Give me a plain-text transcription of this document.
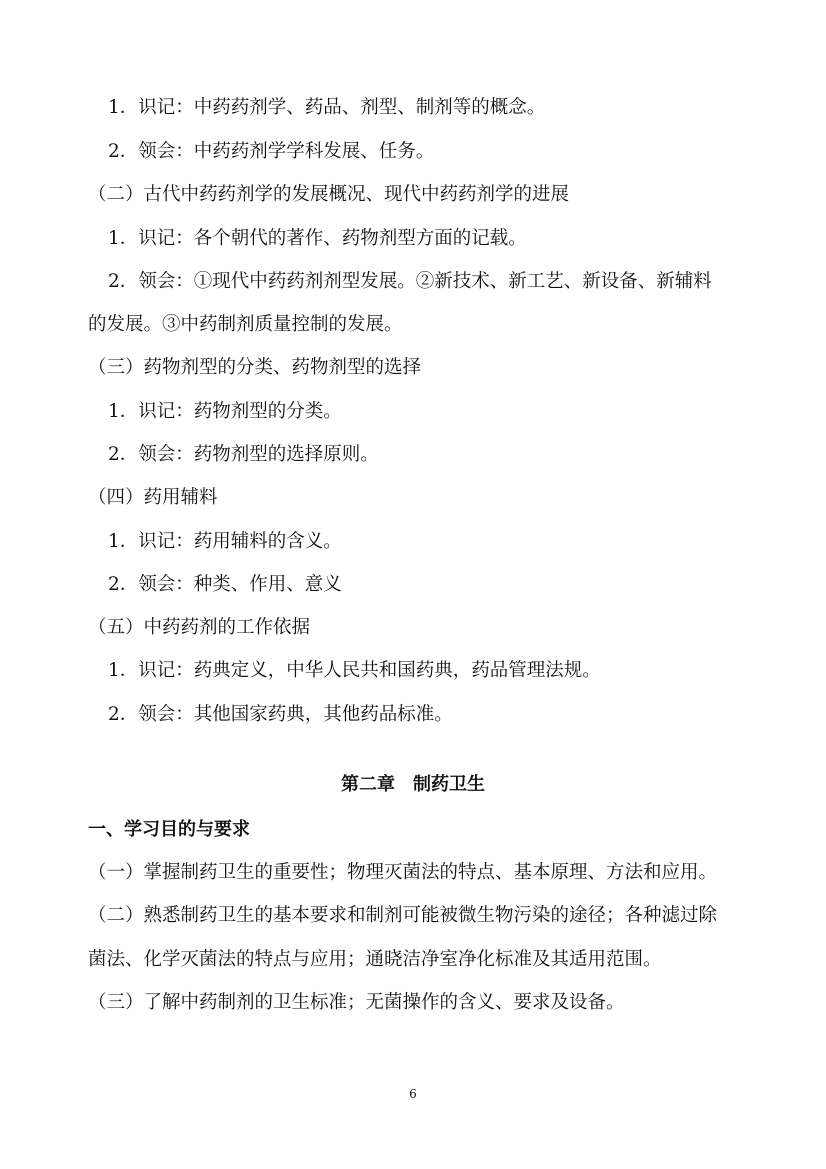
1．识记：中药药剂学、药品、剂型、制剂等的概念。
2．领会：中药药剂学学科发展、任务。
（二）古代中药药剂学的发展概况、现代中药药剂学的进展
1．识记：各个朝代的著作、药物剂型方面的记载。
2．领会：①现代中药药剂剂型发展。②新技术、新工艺、新设备、新辅料
的发展。③中药制剂质量控制的发展。
（三）药物剂型的分类、药物剂型的选择
1．识记：药物剂型的分类。
2．领会：药物剂型的选择原则。
（四）药用辅料
1．识记：药用辅料的含义。
2．领会：种类、作用、意义
（五）中药药剂的工作依据
1．识记：药典定义，中华人民共和国药典，药品管理法规。
2．领会：其他国家药典，其他药品标准。
第二章　制药卫生
一、学习目的与要求
（一）掌握制药卫生的重要性；物理灭菌法的特点、基本原理、方法和应用。
（二）熟悉制药卫生的基本要求和制剂可能被微生物污染的途径；各种滤过除
菌法、化学灭菌法的特点与应用；通晓洁净室净化标准及其适用范围。
（三）了解中药制剂的卫生标准；无菌操作的含义、要求及设备。
6
